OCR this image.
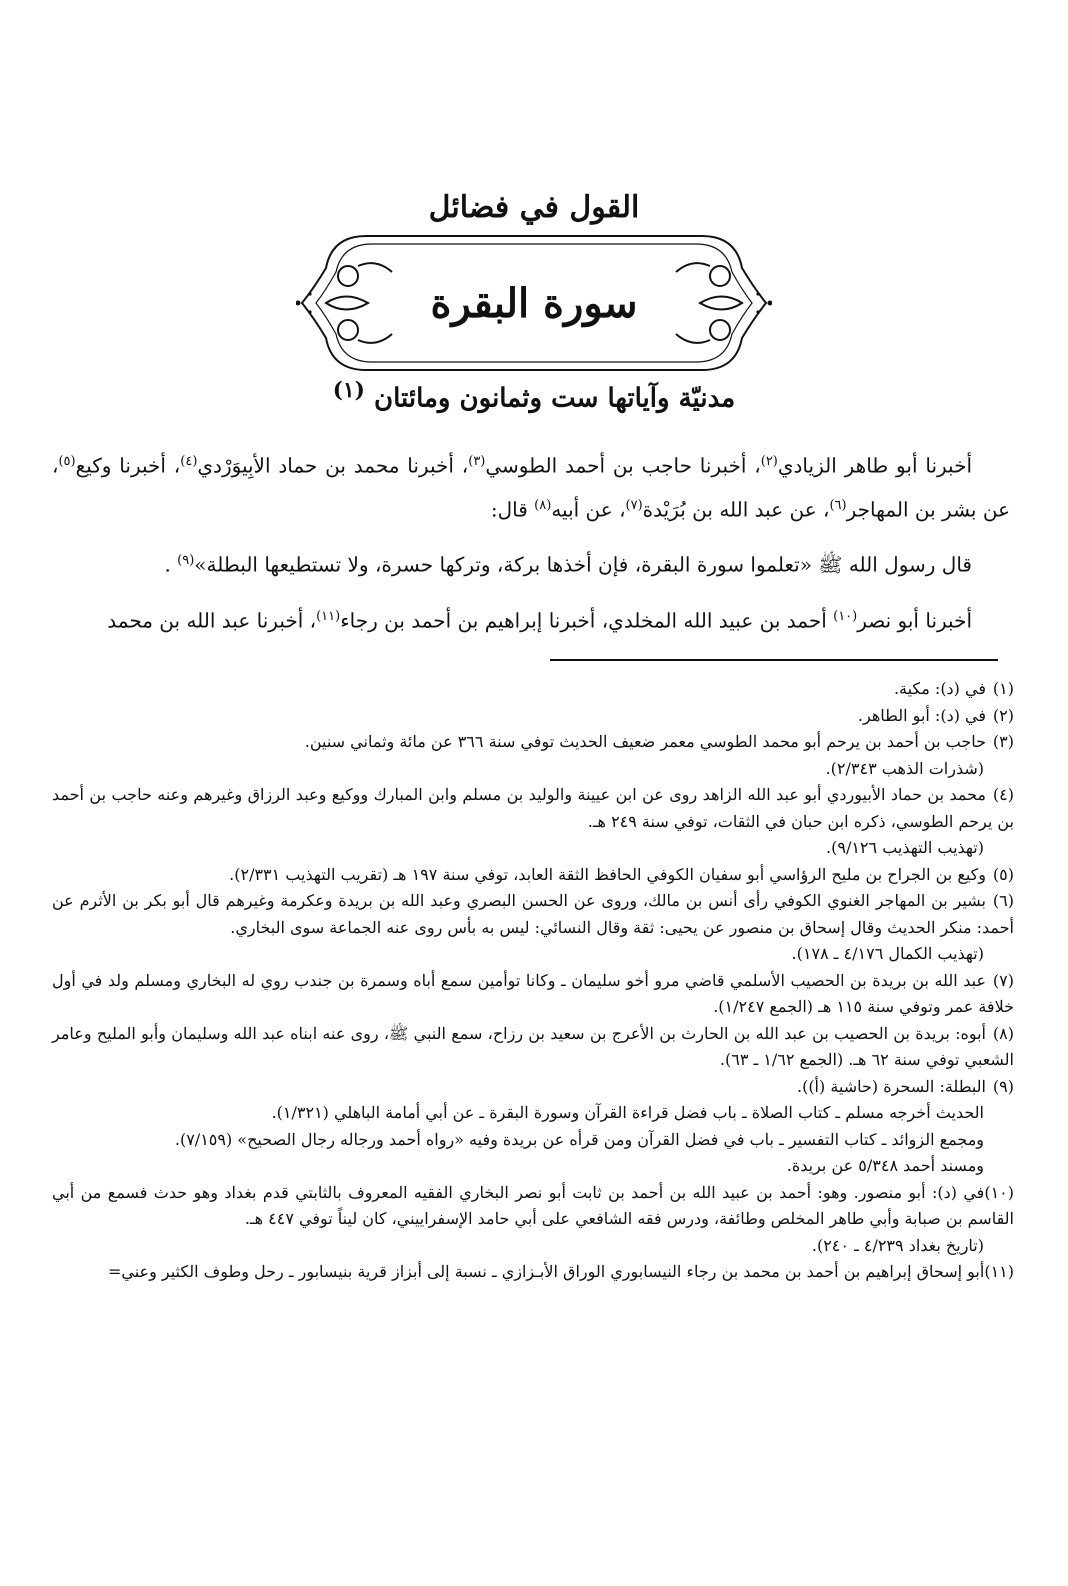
القول في فضائل
سورة البقرة
مدنيّة وآياتها ست وثمانون ومائتان $^{(١)}$

أخبرنا أبو طاهر الزيادي$^{(٢)}$، أخبرنا حاجب بن أحمد الطوسي$^{(٣)}$، أخبرنا محمد بن حماد الأبِيوَرْدي$^{(٤)}$، أخبرنا وكيع$^{(٥)}$، عن بشر بن المهاجر$^{(٦)}$، عن عبد الله بن بُرَيْدة$^{(٧)}$، عن أبيه$^{(٨)}$ قال:

قال رسول الله ﷺ «تعلموا سورة البقرة، فإن أخذها بركة، وتركها حسرة، ولا تستطيعها البطلة»$^{(٩)}$ .

أخبرنا أبو نصر$^{(١٠)}$ أحمد بن عبيد الله المخلدي، أخبرنا إبراهيم بن أحمد بن رجاء$^{(١١)}$، أخبرنا عبد الله بن محمد

(١)في (د): مكية.

(٢)في (د): أبو الطاهر.

(٣)حاجب بن أحمد بن يرحم أبو محمد الطوسي معمر ضعيف الحديث توفي سنة ٣٦٦ عن مائة وثماني سنين.
(شذرات الذهب ٢/٣٤٣).

(٤)محمد بن حماد الأبيوردي أبو عبد الله الزاهد روى عن ابن عيينة والوليد بن مسلم وابن المبارك ووكيع وعبد الرزاق وغيرهم وعنه حاجب بن أحمد بن يرحم الطوسي، ذكره ابن حبان في الثقات، توفي سنة ٢٤٩ هـ.
(تهذيب التهذيب ٩/١٢٦).

(٥)وكيع بن الجراح بن مليح الرؤاسي أبو سفيان الكوفي الحافظ الثقة العابد، توفي سنة ١٩٧ هـ (تقريب التهذيب ٢/٣٣١).

(٦)بشير بن المهاجر الغنوي الكوفي رأى أنس بن مالك، وروى عن الحسن البصري وعبد الله بن بريدة وعكرمة وغيرهم قال أبو بكر بن الأثرم عن أحمد: منكر الحديث وقال إسحاق بن منصور عن يحيى: ثقة وقال النسائي: ليس به بأس روى عنه الجماعة سوى البخاري.
(تهذيب الكمال ٤/١٧٦ ـ ١٧٨).

(٧)عبد الله بن بريدة بن الحصيب الأسلمي قاضي مرو أخو سليمان ـ وكانا توأمين سمع أباه وسمرة بن جندب روي له البخاري ومسلم ولد في أول خلافة عمر وتوفي سنة ١١٥ هـ (الجمع ١/٢٤٧).

(٨)أبوه: بريدة بن الحصيب بن عبد الله بن الحارث بن الأعرج بن سعيد بن رزاح، سمع النبي ﷺ، روى عنه ابناه عبد الله وسليمان وأبو المليح وعامر الشعبي توفي سنة ٦٢ هـ. (الجمع ١/٦٢ ـ ٦٣).

(٩)البطلة: السحرة (حاشية (أ)).
الحديث أخرجه مسلم ـ كتاب الصلاة ـ باب فضل قراءة القرآن وسورة البقرة ـ عن أبي أمامة الباهلي (١/٣٢١).
ومجمع الزوائد ـ كتاب التفسير ـ باب في فضل القرآن ومن قرأه عن بريدة وفيه «رواه أحمد ورجاله رجال الصحيح» (٧/١٥٩).
ومسند أحمد ٥/٣٤٨ عن بريدة.

(١٠)في (د): أبو منصور. وهو: أحمد بن عبيد الله بن أحمد بن ثابت أبو نصر البخاري الفقيه المعروف بالثابتي قدم بغداد وهو حدث فسمع من أبي القاسم بن صبابة وأبي طاهر المخلص وطائفة، ودرس فقه الشافعي على أبي حامد الإسفراييني، كان ليناً توفي ٤٤٧ هـ.
(تاريخ بغداد ٤/٢٣٩ ـ ٢٤٠).

(١١)أبو إسحاق إبراهيم بن أحمد بن محمد بن رجاء النيسابوري الوراق الأبـزازي ـ نسبة إلى أبزاز قرية بنيسابور ـ رحل وطوف الكثير وعني=
